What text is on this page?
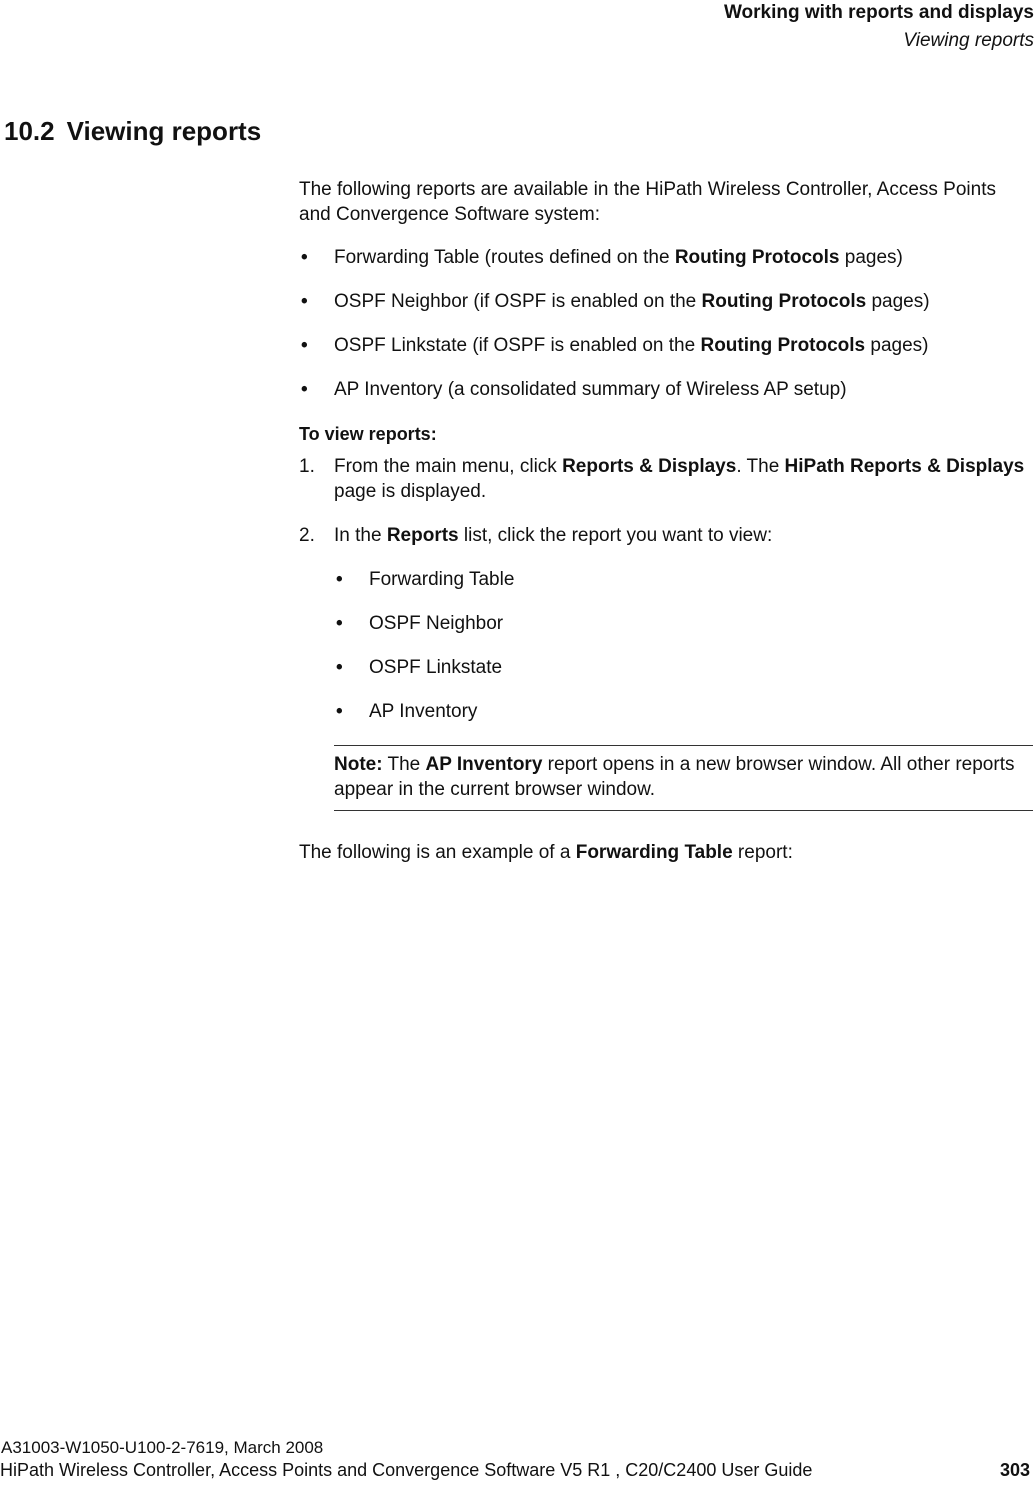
Working with reports and displays
Viewing reports
10.2 Viewing reports

The following reports are available in the HiPath Wireless Controller, Access Points and Convergence Software system:

• Forwarding Table (routes defined on the Routing Protocols pages)
• OSPF Neighbor (if OSPF is enabled on the Routing Protocols pages)
• OSPF Linkstate (if OSPF is enabled on the Routing Protocols pages)
• AP Inventory (a consolidated summary of Wireless AP setup)

To view reports:

1. From the main menu, click Reports & Displays. The HiPath Reports & Displays page is displayed.
2. In the Reports list, click the report you want to view:

• Forwarding Table
• OSPF Neighbor
• OSPF Linkstate
• AP Inventory
Note: The AP Inventory report opens in a new browser window. All other reports appear in the current browser window.

The following is an example of a Forwarding Table report:

A31003-W1050-U100-2-7619, March 2008
HiPath Wireless Controller, Access Points and Convergence Software V5 R1 , C20/C2400 User Guide	303
